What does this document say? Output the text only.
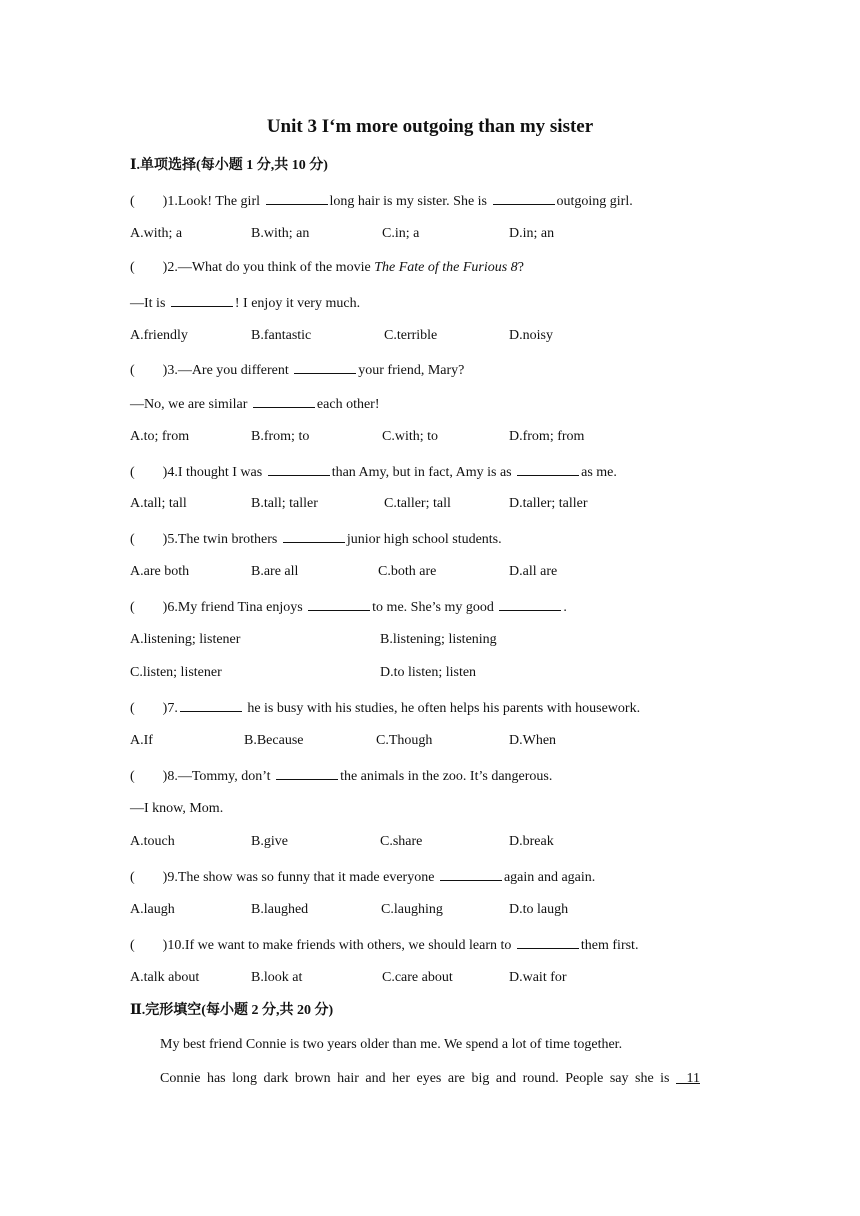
Unit 3 I‘m more outgoing than my sister
Ⅰ.单项选择(每小题 1 分,共 10 分)
(        )1.Look! The girl	long hair is my sister. She is	outgoing girl.
A.with; a	B.with; an	C.in; a	D.in; an
(        )2.—What do you think of the movie The Fate of the Furious 8?
—It is	! I enjoy it very much.
A.friendly	B.fantastic	C.terrible	D.noisy
(        )3.—Are you different	your friend, Mary?
—No, we are similar	each other!
A.to; from	B.from; to	C.with; to	D.from; from
(        )4.I thought I was	than Amy, but in fact, Amy is as	as me.
A.tall; tall	B.tall; taller	C.taller; tall	D.taller; taller
(        )5.The twin brothers	junior high school students.
A.are both	B.are all	C.both are	D.all are
(        )6.My friend Tina enjoys	to me. She’s my good	.
A.listening; listener	B.listening; listening
C.listen; listener	D.to listen; listen
(        )7.	he is busy with his studies, he often helps his parents with housework.
A.If	B.Because	C.Though	D.When
(        )8.—Tommy, don’t	the animals in the zoo. It’s dangerous.
—I know, Mom.
A.touch	B.give	C.share	D.break
(        )9.The show was so funny that it made everyone	again and again.
A.laugh	B.laughed	C.laughing	D.to laugh
(        )10.If we want to make friends with others, we should learn to	them first.
A.talk about	B.look at	C.care about	D.wait for
Ⅱ.完形填空(每小题 2 分,共 20 分)
My best friend Connie is two years older than me. We spend a lot of time together.
Connie has long dark brown hair and her eyes are big and round. People say she is    11
